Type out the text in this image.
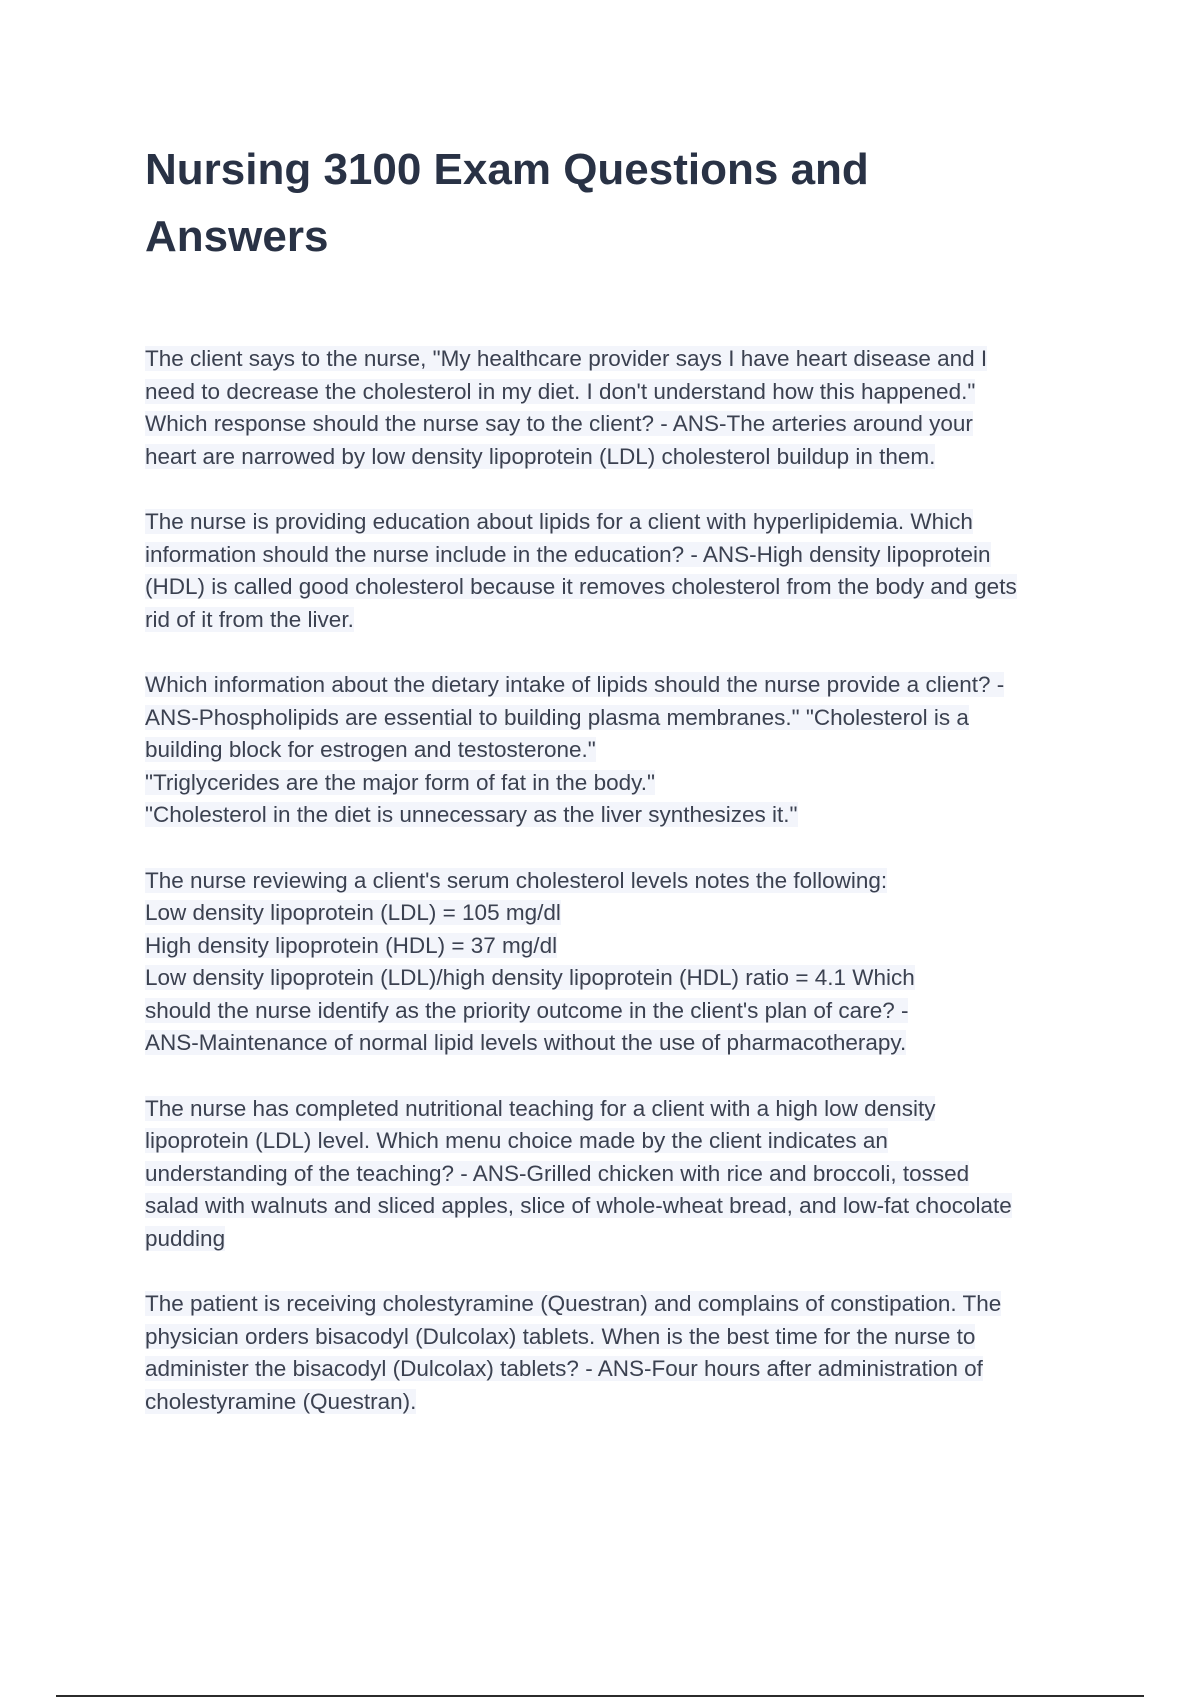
Nursing 3100 Exam Questions and
Answers
The client says to the nurse, "My healthcare provider says I have heart disease and I
need to decrease the cholesterol in my diet. I don't understand how this happened."
Which response should the nurse say to the client? - ANS-The arteries around your
heart are narrowed by low density lipoprotein (LDL) cholesterol buildup in them.
The nurse is providing education about lipids for a client with hyperlipidemia. Which
information should the nurse include in the education? - ANS-High density lipoprotein
(HDL) is called good cholesterol because it removes cholesterol from the body and gets
rid of it from the liver.
Which information about the dietary intake of lipids should the nurse provide a client? -
ANS-Phospholipids are essential to building plasma membranes." "Cholesterol is a
building block for estrogen and testosterone."
"Triglycerides are the major form of fat in the body."
"Cholesterol in the diet is unnecessary as the liver synthesizes it."
The nurse reviewing a client's serum cholesterol levels notes the following:
Low density lipoprotein (LDL) = 105 mg/dl
High density lipoprotein (HDL) = 37 mg/dl
Low density lipoprotein (LDL)/high density lipoprotein (HDL) ratio = 4.1 Which
should the nurse identify as the priority outcome in the client's plan of care? -
ANS-Maintenance of normal lipid levels without the use of pharmacotherapy.
The nurse has completed nutritional teaching for a client with a high low density
lipoprotein (LDL) level. Which menu choice made by the client indicates an
understanding of the teaching? - ANS-Grilled chicken with rice and broccoli, tossed
salad with walnuts and sliced apples, slice of whole-wheat bread, and low-fat chocolate
pudding
The patient is receiving cholestyramine (Questran) and complains of constipation. The
physician orders bisacodyl (Dulcolax) tablets. When is the best time for the nurse to
administer the bisacodyl (Dulcolax) tablets? - ANS-Four hours after administration of
cholestyramine (Questran).
